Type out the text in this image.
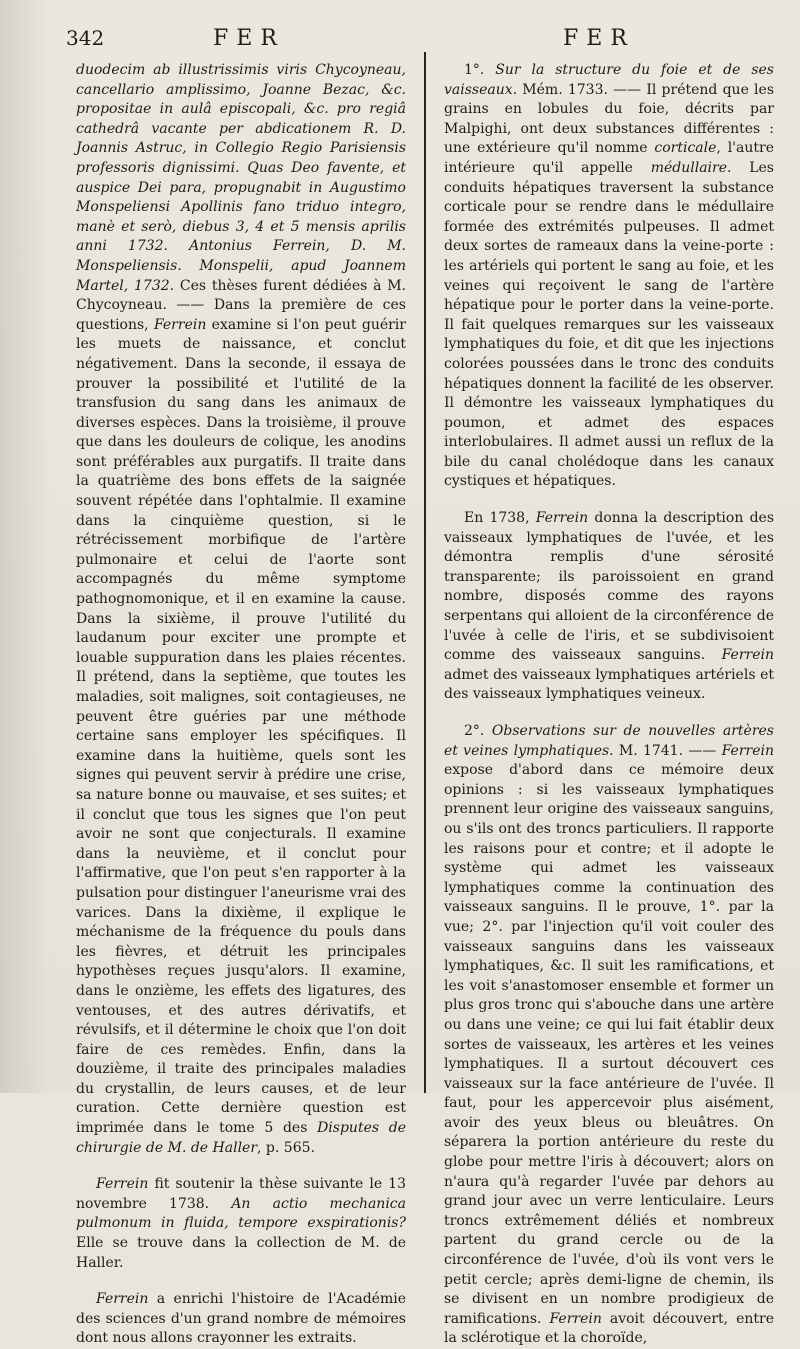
342	FER	FER

duodecim ab illustrissimis viris Chycoyneau, cancellario amplissimo, Joanne Bezac, &c. propositae in aulâ episcopali, &c. pro regiâ cathedrâ vacante per abdicationem R. D. Joannis Astruc, in Collegio Regio Parisiensis professoris dignissimi. Quas Deo favente, et auspice Dei para, propugnabit in Augustimo Monspeliensi Apollinis fano triduo integro, manè et serò, diebus 3, 4 et 5 mensis aprilis anni 1732. Antonius Ferrein, D. M. Monspeliensis. Monspelii, apud Joannem Martel, 1732. Ces thèses furent dédiées à M. Chycoyneau. —— Dans la première de ces questions, Ferrein examine si l'on peut guérir les muets de naissance, et conclut négativement. Dans la seconde, il essaya de prouver la possibilité et l'utilité de la transfusion du sang dans les animaux de diverses espèces. Dans la troisième, il prouve que dans les douleurs de colique, les anodins sont préférables aux purgatifs. Il traite dans la quatrième des bons effets de la saignée souvent répétée dans l'ophtalmie. Il examine dans la cinquième question, si le rétrécissement morbifique de l'artère pulmonaire et celui de l'aorte sont accompagnés du même symptome pathognomonique, et il en examine la cause. Dans la sixième, il prouve l'utilité du laudanum pour exciter une prompte et louable suppuration dans les plaies récentes. Il prétend, dans la septième, que toutes les maladies, soit malignes, soit contagieuses, ne peuvent être guéries par une méthode certaine sans employer les spécifiques. Il examine dans la huitième, quels sont les signes qui peuvent servir à prédire une crise, sa nature bonne ou mauvaise, et ses suites; et il conclut que tous les signes que l'on peut avoir ne sont que conjecturals. Il examine dans la neuvième, et il conclut pour l'affirmative, que l'on peut s'en rapporter à la pulsation pour distinguer l'aneurisme vrai des varices. Dans la dixième, il explique le méchanisme de la fréquence du pouls dans les fièvres, et détruit les principales hypothèses reçues jusqu'alors. Il examine, dans le onzième, les effets des ligatures, des ventouses, et des autres dérivatifs, et révulsifs, et il détermine le choix que l'on doit faire de ces remèdes. Enfin, dans la douzième, il traite des principales maladies du crystallin, de leurs causes, et de leur curation. Cette dernière question est imprimée dans le tome 5 des Disputes de chirurgie de M. de Haller, p. 565.

Ferrein fit soutenir la thèse suivante le 13 novembre 1738. An actio mechanica pulmonum in fluida, tempore exspirationis? Elle se trouve dans la collection de M. de Haller.

Ferrein a enrichi l'histoire de l'Académie des sciences d'un grand nombre de mémoires dont nous allons crayonner les extraits.

1°. Sur la structure du foie et de ses vaisseaux. Mém. 1733. —— Il prétend que les grains en lobules du foie, décrits par Malpighi, ont deux substances différentes : une extérieure qu'il nomme corticale, l'autre intérieure qu'il appelle médullaire. Les conduits hépatiques traversent la substance corticale pour se rendre dans le médullaire formée des extrémités pulpeuses. Il admet deux sortes de rameaux dans la veine-porte : les artériels qui portent le sang au foie, et les veines qui reçoivent le sang de l'artère hépatique pour le porter dans la veine-porte. Il fait quelques remarques sur les vaisseaux lymphatiques du foie, et dit que les injections colorées poussées dans le tronc des conduits hépatiques donnent la facilité de les observer. Il démontre les vaisseaux lymphatiques du poumon, et admet des espaces interlobulaires. Il admet aussi un reflux de la bile du canal cholédoque dans les canaux cystiques et hépatiques.

En 1738, Ferrein donna la description des vaisseaux lymphatiques de l'uvée, et les démontra remplis d'une sérosité transparente; ils paroissoient en grand nombre, disposés comme des rayons serpentans qui alloient de la circonférence de l'uvée à celle de l'iris, et se subdivisoient comme des vaisseaux sanguins. Ferrein admet des vaisseaux lymphatiques artériels et des vaisseaux lymphatiques veineux.

2°. Observations sur de nouvelles artères et veines lymphatiques. M. 1741. —— Ferrein expose d'abord dans ce mémoire deux opinions : si les vaisseaux lymphatiques prennent leur origine des vaisseaux sanguins, ou s'ils ont des troncs particuliers. Il rapporte les raisons pour et contre; et il adopte le système qui admet les vaisseaux lymphatiques comme la continuation des vaisseaux sanguins. Il le prouve, 1°. par la vue; 2°. par l'injection qu'il voit couler des vaisseaux sanguins dans les vaisseaux lymphatiques, &c. Il suit les ramifications, et les voit s'anastomoser ensemble et former un plus gros tronc qui s'abouche dans une artère ou dans une veine; ce qui lui fait établir deux sortes de vaisseaux, les artères et les veines lymphatiques. Il a surtout découvert ces vaisseaux sur la face antérieure de l'uvée. Il faut, pour les appercevoir plus aisément, avoir des yeux bleus ou bleuâtres. On séparera la portion antérieure du reste du globe pour mettre l'iris à découvert; alors on n'aura qu'à regarder l'uvée par dehors au grand jour avec un verre lenticulaire. Leurs troncs extrêmement déliés et nombreux partent du grand cercle ou de la circonférence de l'uvée, d'où ils vont vers le petit cercle; après demi-ligne de chemin, ils se divisent en un nombre prodigieux de ramifications. Ferrein avoit découvert, entre la sclérotique et la choroïde,
